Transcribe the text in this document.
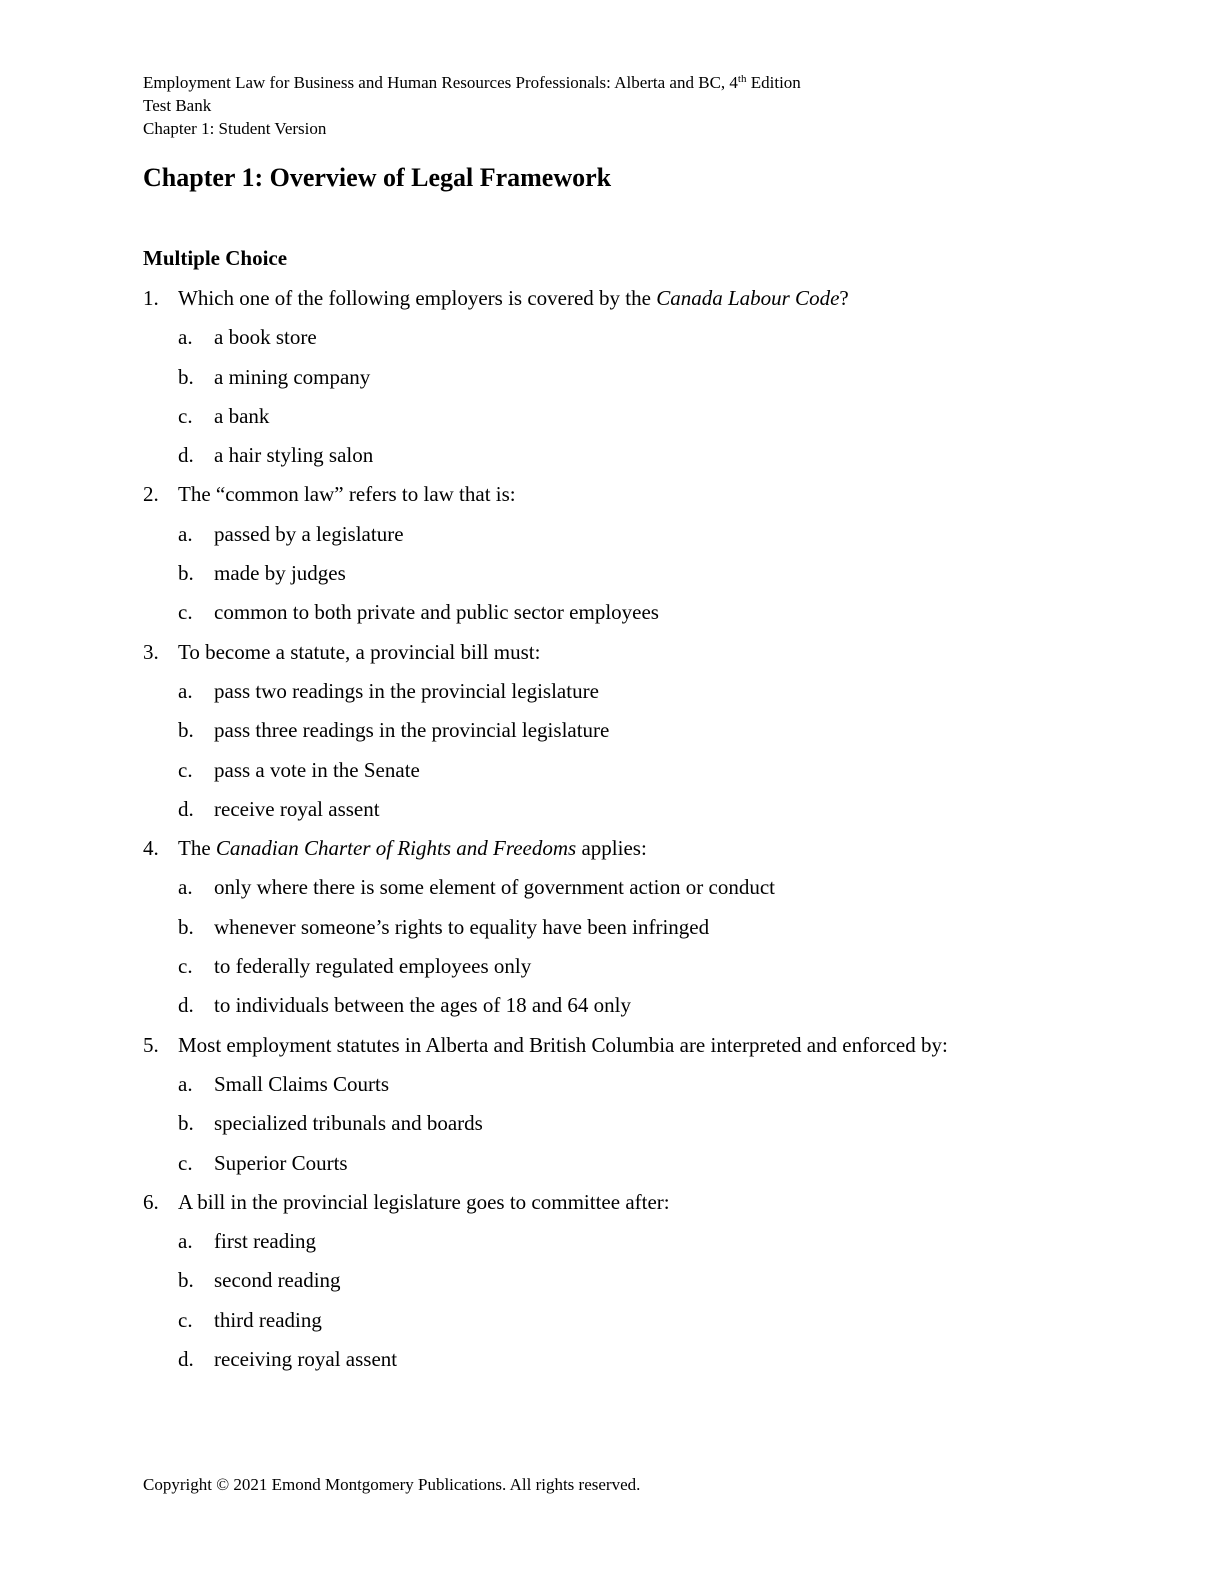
Employment Law for Business and Human Resources Professionals: Alberta and BC, 4th Edition
Test Bank
Chapter 1: Student Version
Chapter 1: Overview of Legal Framework
Multiple Choice
1. Which one of the following employers is covered by the Canada Labour Code?
a. a book store
b. a mining company
c. a bank
d. a hair styling salon
2. The “common law” refers to law that is:
a. passed by a legislature
b. made by judges
c. common to both private and public sector employees
3. To become a statute, a provincial bill must:
a. pass two readings in the provincial legislature
b. pass three readings in the provincial legislature
c. pass a vote in the Senate
d. receive royal assent
4. The Canadian Charter of Rights and Freedoms applies:
a. only where there is some element of government action or conduct
b. whenever someone’s rights to equality have been infringed
c. to federally regulated employees only
d. to individuals between the ages of 18 and 64 only
5. Most employment statutes in Alberta and British Columbia are interpreted and enforced by:
a. Small Claims Courts
b. specialized tribunals and boards
c. Superior Courts
6. A bill in the provincial legislature goes to committee after:
a. first reading
b. second reading
c. third reading
d. receiving royal assent
Copyright © 2021 Emond Montgomery Publications. All rights reserved.
